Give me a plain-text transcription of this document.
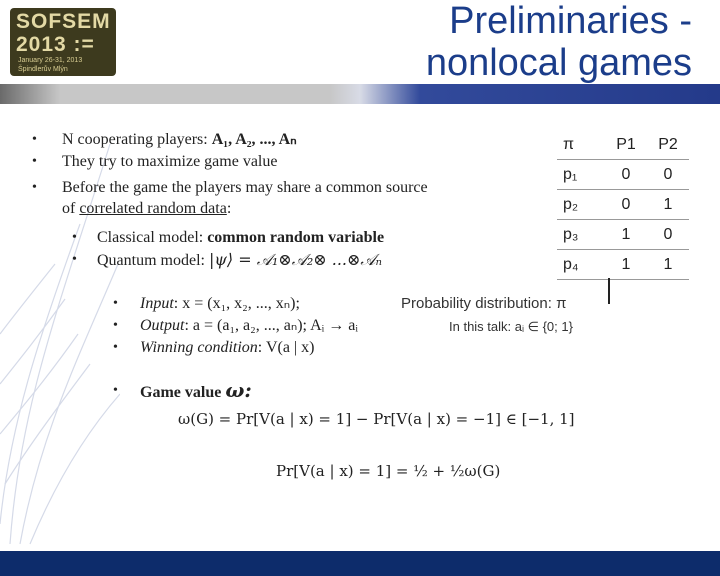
SOFSEM
2013 :=
January 26-31, 2013
Špindlerův Mlýn
Preliminaries -
nonlocal games
• N cooperating players: A₁, A₂, ..., Aₙ
• They try to maximize game value
• Before the game the players may share a common source
of correlated random data:
• Classical model: common random variable
• Quantum model: |ψ⟩ = 𝒜₁⊗𝒜₂⊗ ...⊗𝒜ₙ
π	P1	P2
p₁	0	0
p₂	0	1
p₃	1	0
p₄	1	1
• Input: x = (x₁, x₂, ..., xₙ);	Probability distribution: π
• Output: a = (a₁, a₂, ..., aₙ); Aᵢ → aᵢ	In this talk: aᵢ ∈ {0; 1}
• Winning condition: V(a | x)
• Game value ω:
ω(G) = Pr[V(a | x) = 1] − Pr[V(a | x) = −1] ∈ [−1, 1]
Pr[V(a | x) = 1] = ½ + ½ω(G)
